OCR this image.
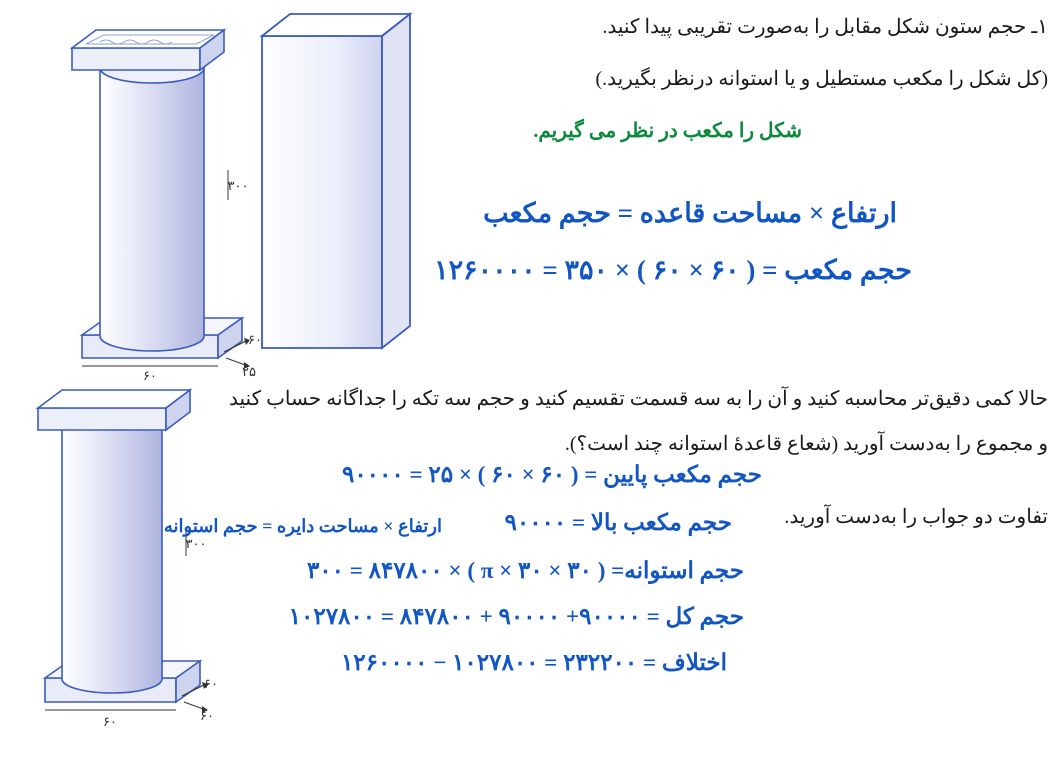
۳۰۰
۶۰
۶۰
۲۵
۳۰۰
۶۰
۶۰
۶۰
۱ـ حجم ستون شکل مقابل را به‌صورت تقریبی پیدا کنید.
(کل شکل را مکعب مستطیل و یا استوانه درنظر بگیرید.)
شکل را مکعب در نظر می گیریم.
ارتفاع × مساحت قاعده = حجم مکعب
حجم مکعب = ( ۶۰ × ۶۰ ) × ۳۵۰ = ۱۲۶۰۰۰۰
حالا کمی دقیق‌تر محاسبه کنید و آن را به سه قسمت تقسیم کنید و حجم سه تکه را جداگانه حساب کنید
و مجموع را به‌دست آورید (شعاع قاعدهٔ استوانه چند است؟).
تفاوت دو جواب را به‌دست آورید.
حجم مکعب پایین = ( ۶۰ × ۶۰ ) × ۲۵ = ۹۰۰۰۰
حجم مکعب بالا = ۹۰۰۰۰
ارتفاع × مساحت دایره = حجم استوانه
حجم استوانه= ( π × ۳۰ × ۳۰ ) × ۳۰۰ = ۸۴۷۸۰۰
حجم کل = ۹۰۰۰۰+ ۹۰۰۰۰ + ۸۴۷۸۰۰ = ۱۰۲۷۸۰۰
اختلاف = ۲۳۲۲۰۰ = ۱۰۲۷۸۰۰ − ۱۲۶۰۰۰۰
